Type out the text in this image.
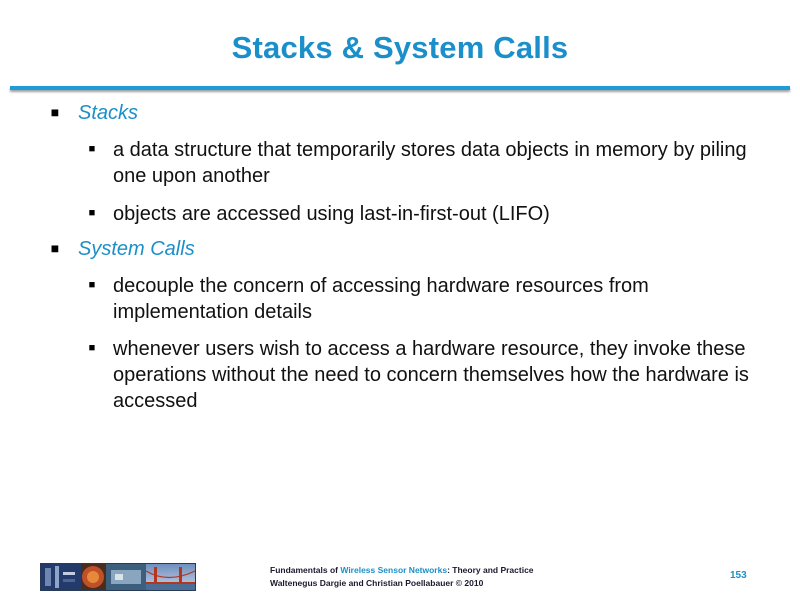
Stacks & System Calls
■ Stacks
■ a data structure that temporarily stores data objects in memory by piling one upon another
■ objects are accessed using last-in-first-out (LIFO)
■ System Calls
■ decouple the concern of accessing hardware resources from implementation details
■ whenever users wish to access a hardware resource, they invoke these operations without the need to concern themselves how the hardware is accessed
Fundamentals of Wireless Sensor Networks: Theory and Practice
Waltenegus Dargie and Christian Poellabauer © 2010
153
